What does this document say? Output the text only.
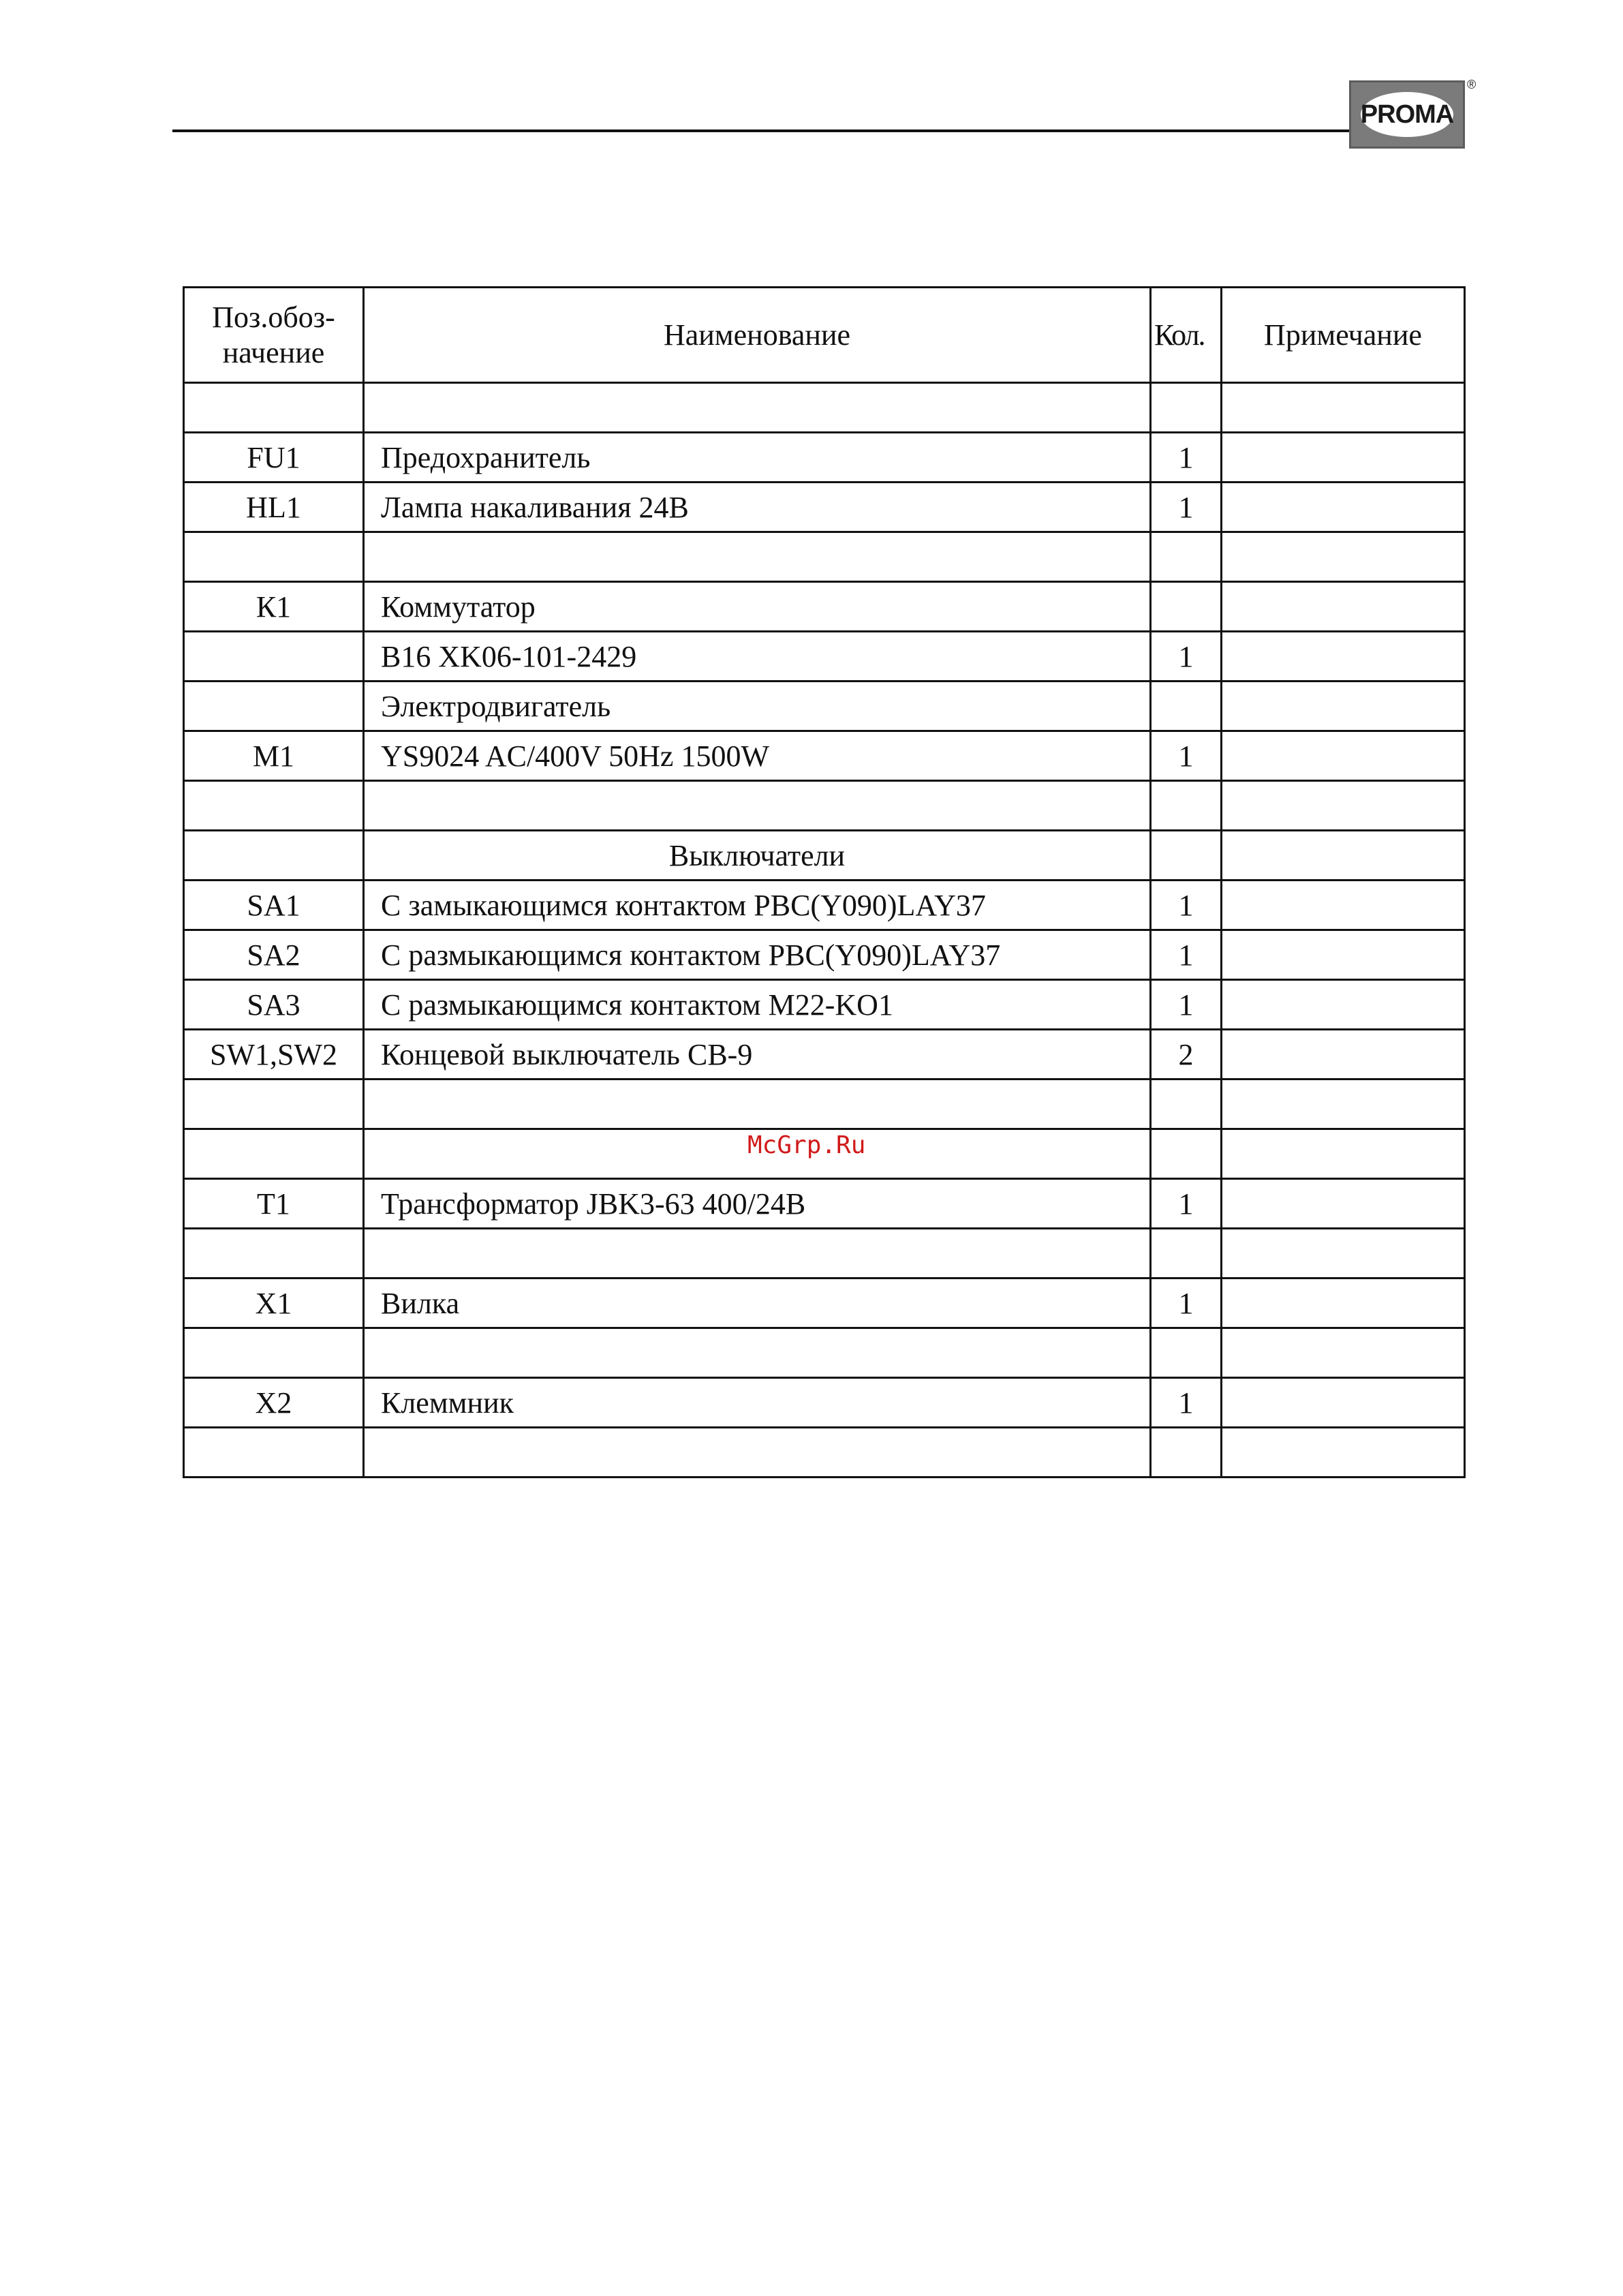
PROMA
®
Поз.обоз-
начение	Наименование	Кол.	Примечание

FU1	Предохранитель	1	
HL1	Лампа накаливания 24В	1	

К1	Коммутатор		
	B16 XK06-101-2429	1	
	Электродвигатель		
M1	YS9024 AC/400V 50Hz 1500W	1	

	Выключатели		
SA1	С замыкающимся контактом PBC(Y090)LAY37	1	
SA2	С размыкающимся контактом PBC(Y090)LAY37	1	
SA3	С размыкающимся контактом M22-KO1	1	
SW1,SW2	Концевой выключатель СВ-9	2	

T1	Трансформатор JBK3-63 400/24В	1	

X1	Вилка	1	

X2	Клеммник	1	

McGrp.Ru
